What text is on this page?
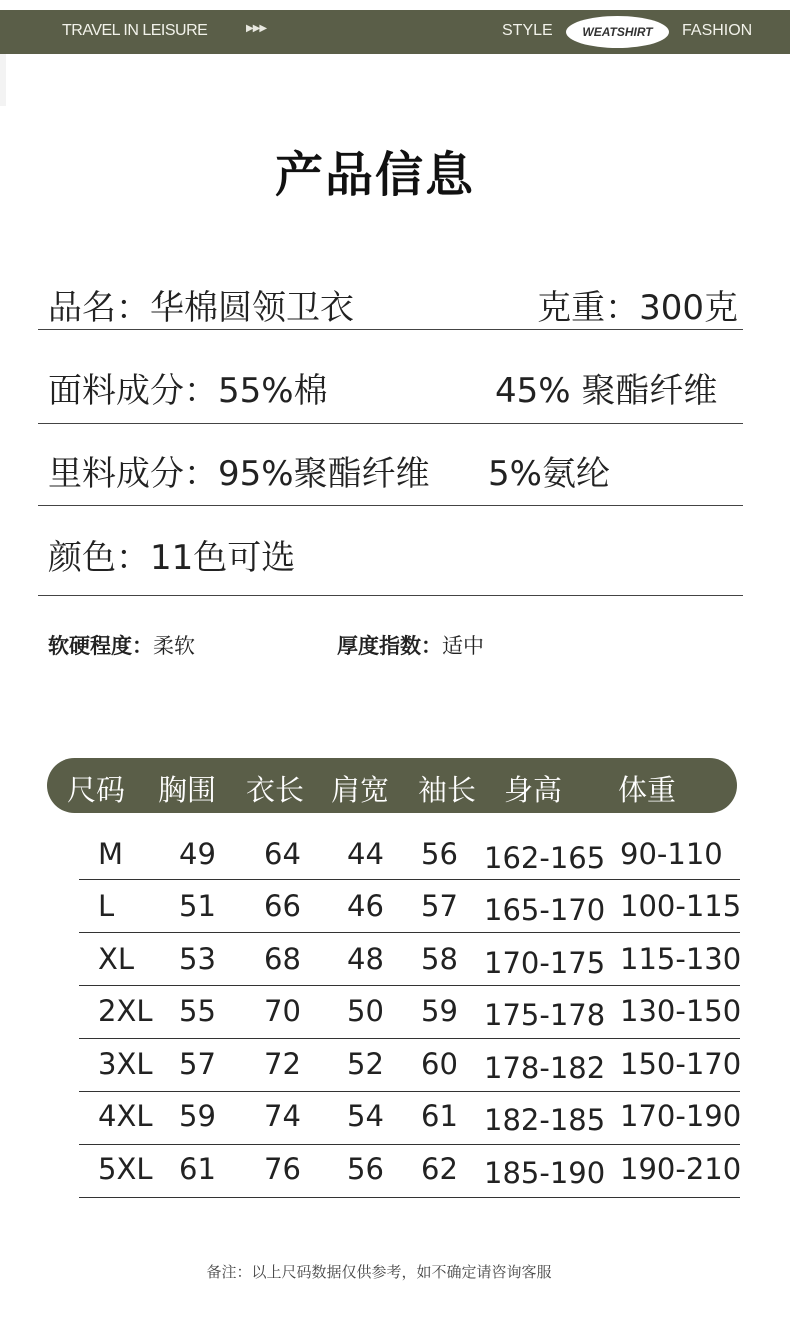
TRAVEL IN LEISURE	▶▶▶	STYLE	WEATSHIRT	FASHION
产品信息
品名：华棉圆领卫衣	克重：300克
面料成分：55%棉	45% 聚酯纤维
里料成分：95%聚酯纤维 5%氨纶
颜色：11色可选
软硬程度：柔软	厚度指数：适中
尺码 胸围 衣长 肩宽 袖长 身高 体重
M 49 64 44 56 162-165 90-110
L 51 66 46 57 165-170 100-115
XL 53 68 48 58 170-175 115-130
2XL 55 70 50 59 175-178 130-150
3XL 57 72 52 60 178-182 150-170
4XL 59 74 54 61 182-185 170-190
5XL 61 76 56 62 185-190 190-210
备注：以上尺码数据仅供参考，如不确定请咨询客服
